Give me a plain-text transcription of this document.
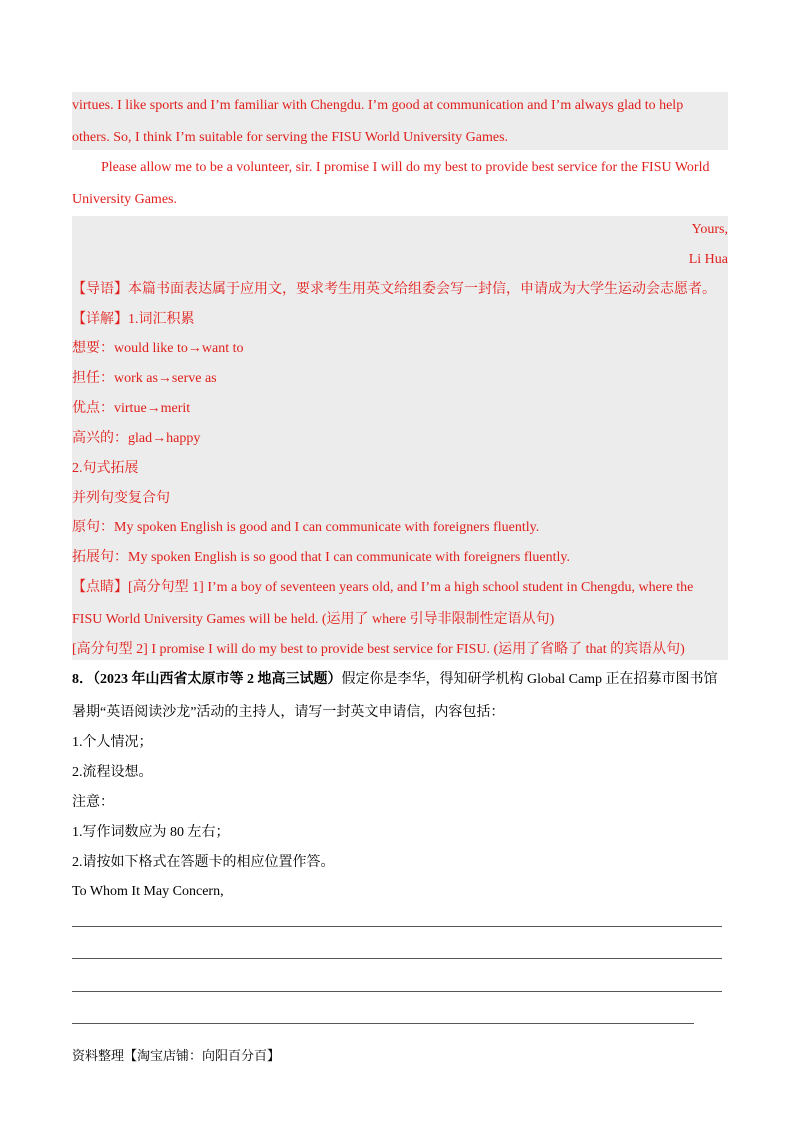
virtues. I like sports and I’m familiar with Chengdu. I’m good at communication and I’m always glad to help
others. So, I think I’m suitable for serving the FISU World University Games.
Please allow me to be a volunteer, sir. I promise I will do my best to provide best service for the FISU World
University Games.
Yours,
Li Hua
【导语】本篇书面表达属于应用文，要求考生用英文给组委会写一封信，申请成为大学生运动会志愿者。
【详解】1.词汇积累
想要：would like to→want to
担任：work as→serve as
优点：virtue→merit
高兴的：glad→happy
2.句式拓展
并列句变复合句
原句：My spoken English is good and I can communicate with foreigners fluently.
拓展句：My spoken English is so good that I can communicate with foreigners fluently.
【点睛】[高分句型 1] I’m a boy of seventeen years old, and I’m a high school student in Chengdu, where the
FISU World University Games will be held. (运用了 where 引导非限制性定语从句)
[高分句型 2] I promise I will do my best to provide best service for FISU. (运用了省略了 that 的宾语从句)
8．（2023 年山西省太原市等 2 地高三试题）假定你是李华，得知研学机构 Global Camp 正在招募市图书馆
暑期“英语阅读沙龙”活动的主持人，请写一封英文申请信，内容包括：
1.个人情况；
2.流程设想。
注意：
1.写作词数应为 80 左右；
2.请按如下格式在答题卡的相应位置作答。
To Whom It May Concern,
资料整理【淘宝店铺：向阳百分百】
